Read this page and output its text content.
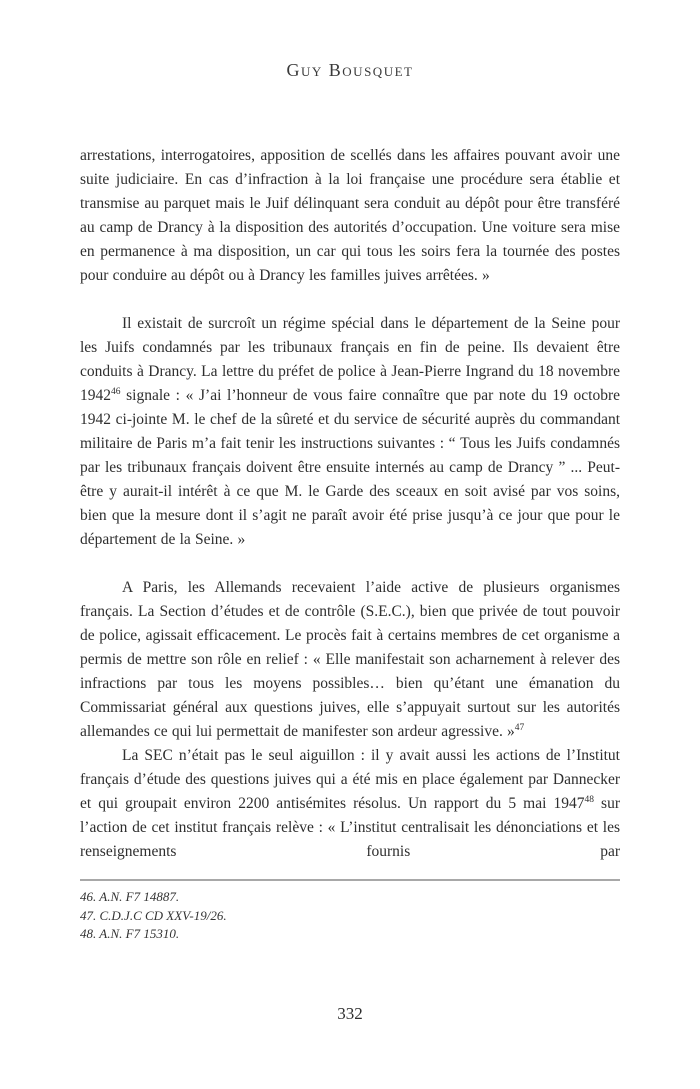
Guy Bousquet

arrestations, interrogatoires, apposition de scellés dans les affaires pouvant avoir une suite judiciaire. En cas d’infraction à la loi française une procédure sera établie et transmise au parquet mais le Juif délinquant sera conduit au dépôt pour être transféré au camp de Drancy à la disposition des autorités d’occupation. Une voiture sera mise en permanence à ma disposition, un car qui tous les soirs fera la tournée des postes pour conduire au dépôt ou à Drancy les familles juives arrêtées. »

Il existait de surcroît un régime spécial dans le département de la Seine pour les Juifs condamnés par les tribunaux français en fin de peine. Ils devaient être conduits à Drancy. La lettre du préfet de police à Jean-Pierre Ingrand du 18 novembre 1942$^{46}$ signale : « J’ai l’honneur de vous faire connaître que par note du 19 octobre 1942 ci-jointe M. le chef de la sûreté et du service de sécurité auprès du commandant militaire de Paris m’a fait tenir les instructions suivantes : “ Tous les Juifs condamnés par les tribunaux français doivent être ensuite internés au camp de Drancy ” ... Peut-être y aurait-il intérêt à ce que M. le Garde des sceaux en soit avisé par vos soins, bien que la mesure dont il s’agit ne paraît avoir été prise jusqu’à ce jour que pour le département de la Seine. »

A Paris, les Allemands recevaient l’aide active de plusieurs organismes français. La Section d’études et de contrôle (S.E.C.), bien que privée de tout pouvoir de police, agissait efficacement. Le procès fait à certains membres de cet organisme a permis de mettre son rôle en relief : « Elle manifestait son acharnement à relever des infractions par tous les moyens possibles… bien qu’étant une émanation du Commissariat général aux questions juives, elle s’appuyait surtout sur les autorités allemandes ce qui lui permettait de manifester son ardeur agressive. »$^{47}$

La SEC n’était pas le seul aiguillon : il y avait aussi les actions de l’Institut français d’étude des questions juives qui a été mis en place également par Dannecker et qui groupait environ 2200 antisémites résolus. Un rapport du 5 mai 1947$^{48}$ sur l’action de cet institut français relève : « L’institut centralisait les dénonciations et les renseignements fournis par

46. A.N. F7 14887.

47. C.D.J.C CD XXV-19/26.

48. A.N. F7 15310.

332
